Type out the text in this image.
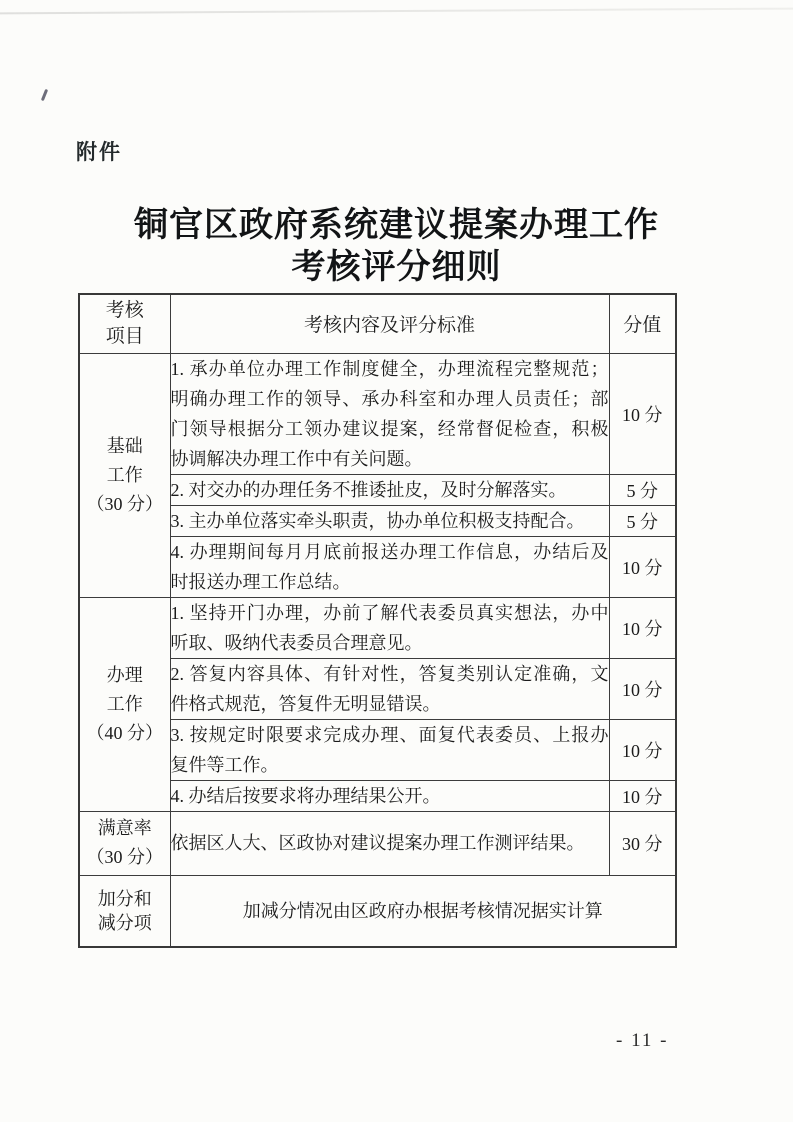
附件
铜官区政府系统建议提案办理工作
考核评分细则
考核
项目	考核内容及评分标准	分值

基础
工作
（30 分）

1. 承办单位办理工作制度健全，办理流程完整规范；
明确办理工作的领导、承办科室和办理人员责任；部
门领导根据分工领办建议提案，经常督促检查，积极
协调解决办理工作中有关问题。
	10 分

	2. 对交办的办理任务不推诿扯皮，及时分解落实。	5 分

	3. 主办单位落实牵头职责，协办单位积极支持配合。	5 分

	4. 办理期间每月月底前报送办理工作信息，办结后及
时报送办理工作总结。	10 分

办理
工作
（40 分）

1. 坚持开门办理，办前了解代表委员真实想法，办中
听取、吸纳代表委员合理意见。
	10 分

	2. 答复内容具体、有针对性，答复类别认定准确，文
件格式规范，答复件无明显错误。	10 分

	3. 按规定时限要求完成办理、面复代表委员、上报办
复件等工作。	10 分

	4. 办结后按要求将办理结果公开。	10 分

满意率
（30 分）	依据区人大、区政协对建议提案办理工作测评结果。	30 分

加分和
减分项	加减分情况由区政府办根据考核情况据实计算	
- 11 -
